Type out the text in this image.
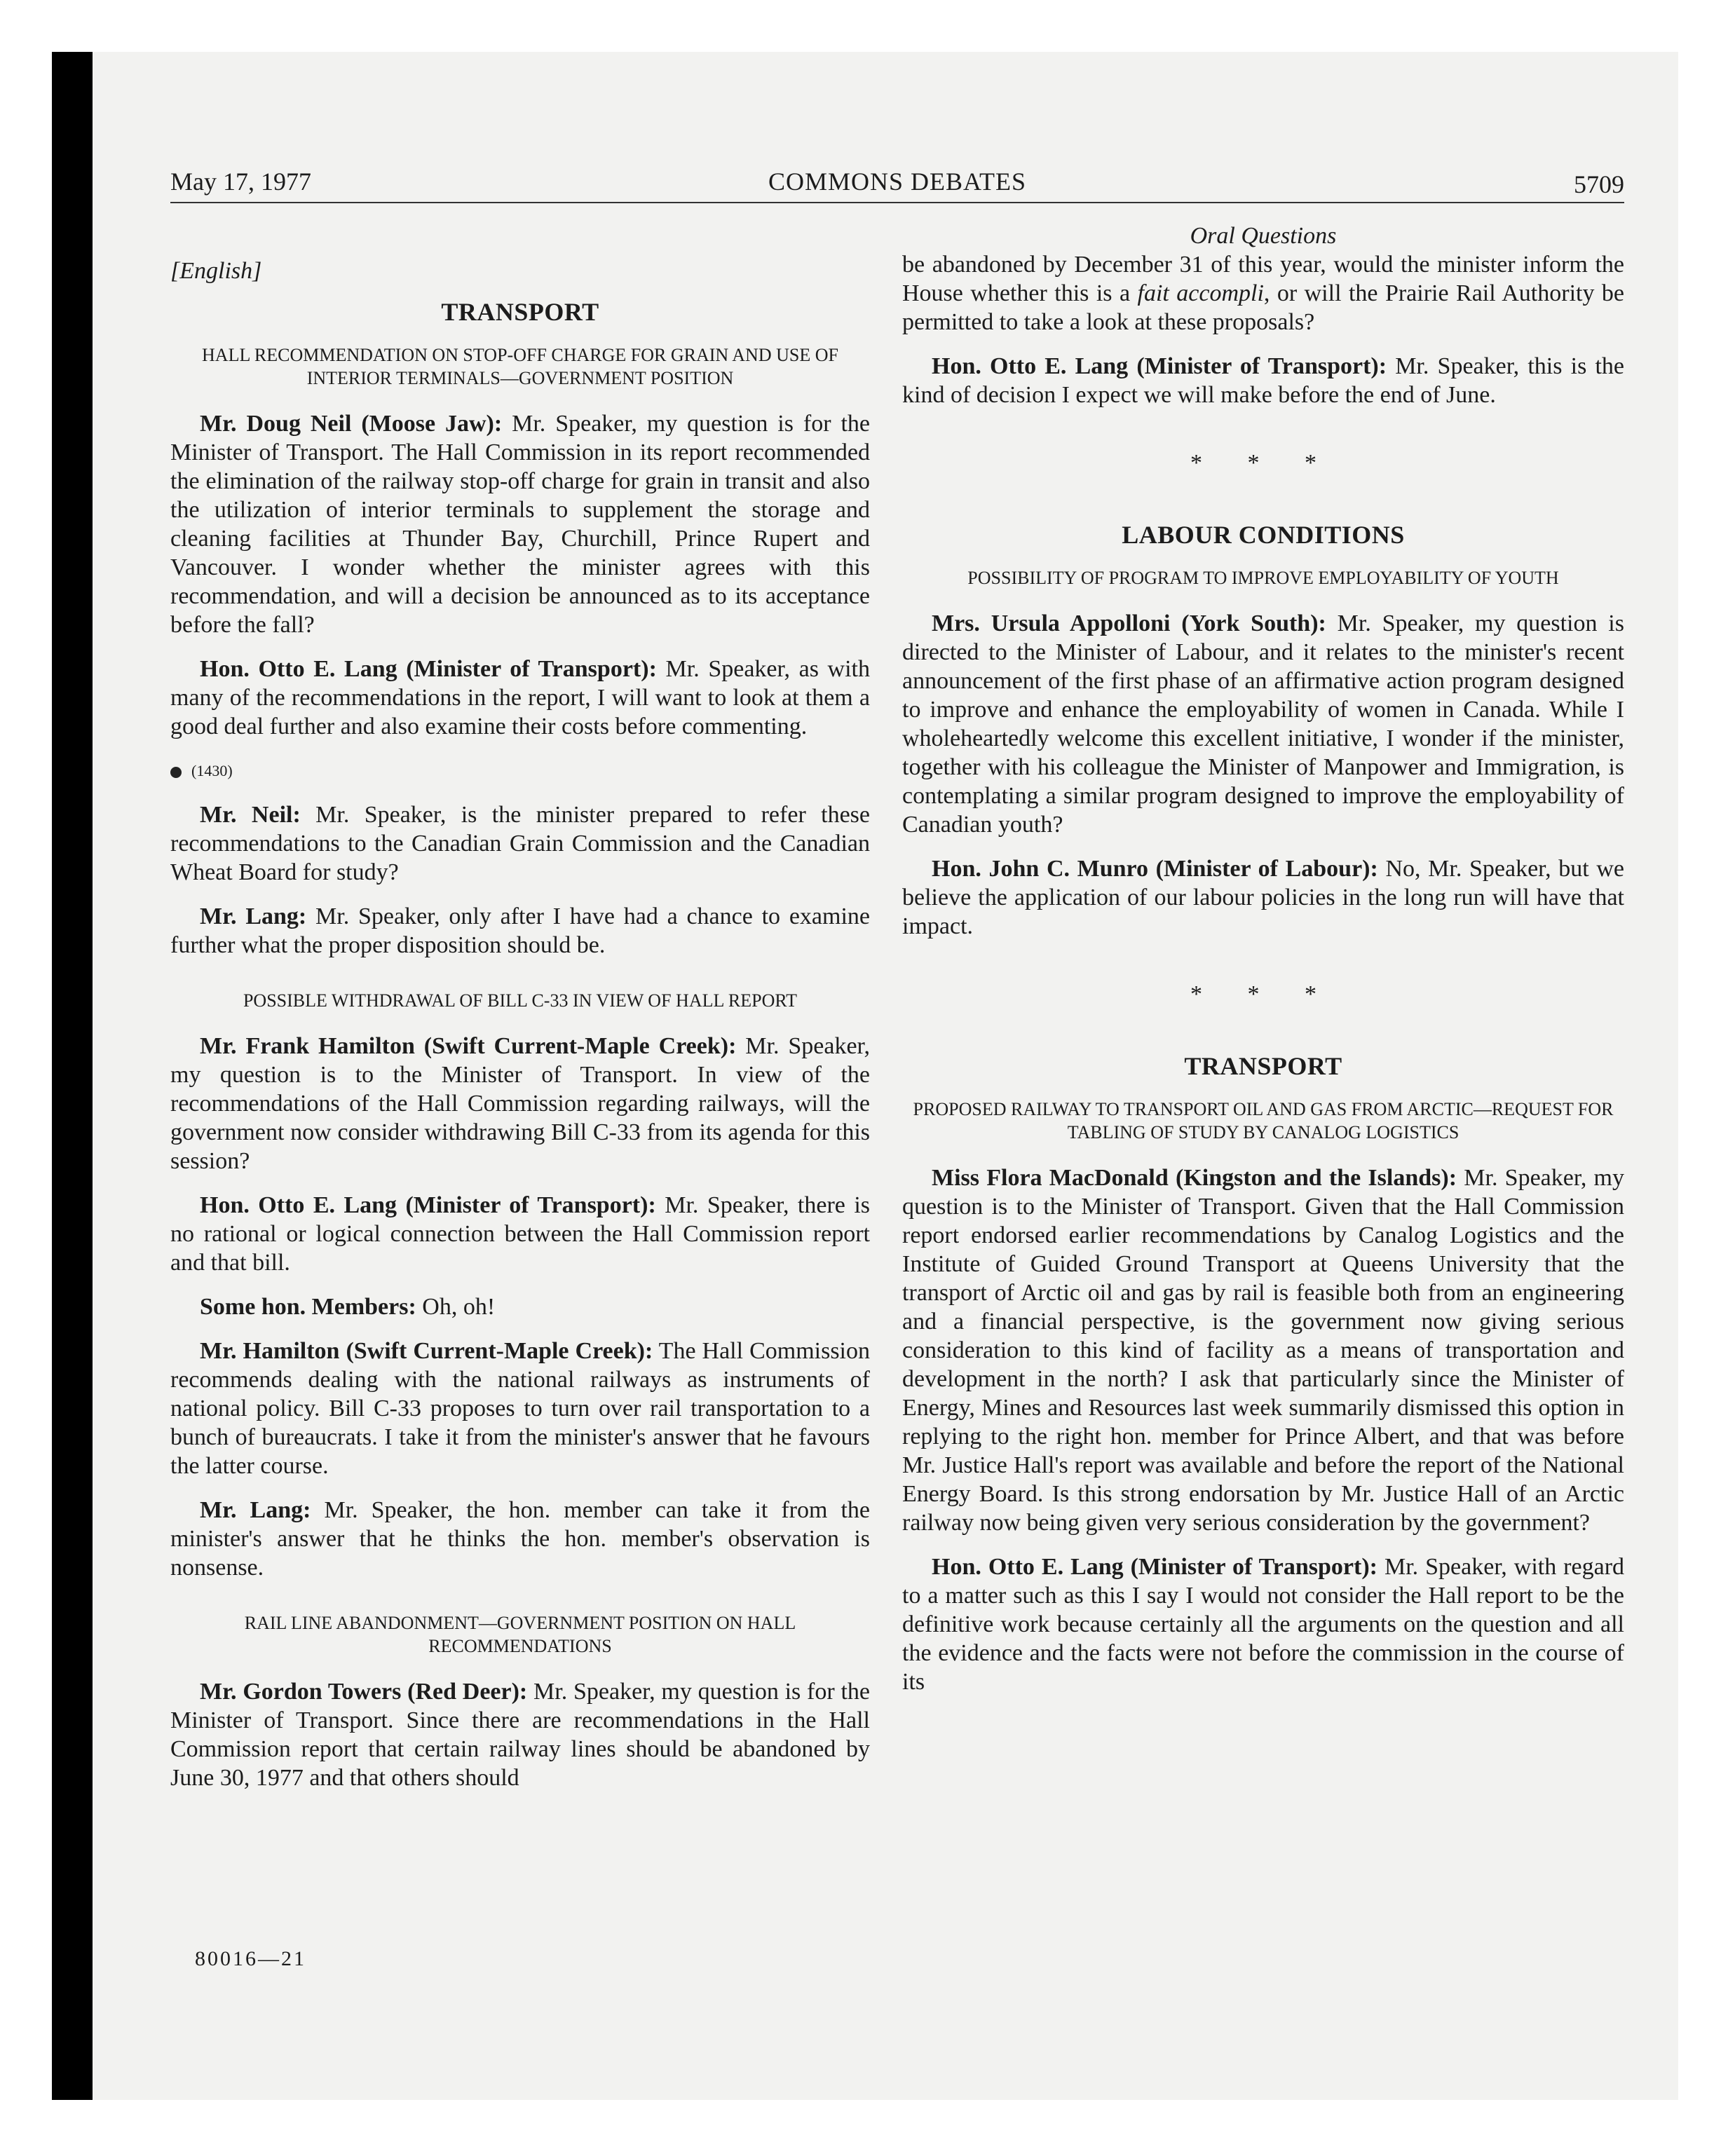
May 17, 1977	COMMONS DEBATES	5709

[English]

TRANSPORT
HALL RECOMMENDATION ON STOP-OFF CHARGE FOR GRAIN AND USE OF INTERIOR TERMINALS—GOVERNMENT POSITION

Mr. Doug Neil (Moose Jaw): Mr. Speaker, my question is for the Minister of Transport. The Hall Commission in its report recommended the elimination of the railway stop-off charge for grain in transit and also the utilization of interior terminals to supplement the storage and cleaning facilities at Thunder Bay, Churchill, Prince Rupert and Vancouver. I wonder whether the minister agrees with this recommendation, and will a decision be announced as to its acceptance before the fall?

Hon. Otto E. Lang (Minister of Transport): Mr. Speaker, as with many of the recommendations in the report, I will want to look at them a good deal further and also examine their costs before commenting.

(1430)

Mr. Neil: Mr. Speaker, is the minister prepared to refer these recommendations to the Canadian Grain Commission and the Canadian Wheat Board for study?

Mr. Lang: Mr. Speaker, only after I have had a chance to examine further what the proper disposition should be.

POSSIBLE WITHDRAWAL OF BILL C-33 IN VIEW OF HALL REPORT

Mr. Frank Hamilton (Swift Current-Maple Creek): Mr. Speaker, my question is to the Minister of Transport. In view of the recommendations of the Hall Commission regarding railways, will the government now consider withdrawing Bill C-33 from its agenda for this session?

Hon. Otto E. Lang (Minister of Transport): Mr. Speaker, there is no rational or logical connection between the Hall Commission report and that bill.

Some hon. Members: Oh, oh!

Mr. Hamilton (Swift Current-Maple Creek): The Hall Commission recommends dealing with the national railways as instruments of national policy. Bill C-33 proposes to turn over rail transportation to a bunch of bureaucrats. I take it from the minister's answer that he favours the latter course.

Mr. Lang: Mr. Speaker, the hon. member can take it from the minister's answer that he thinks the hon. member's observation is nonsense.

RAIL LINE ABANDONMENT—GOVERNMENT POSITION ON HALL RECOMMENDATIONS

Mr. Gordon Towers (Red Deer): Mr. Speaker, my question is for the Minister of Transport. Since there are recommendations in the Hall Commission report that certain railway lines should be abandoned by June 30, 1977 and that others should

Oral Questions

be abandoned by December 31 of this year, would the minister inform the House whether this is a fait accompli, or will the Prairie Rail Authority be permitted to take a look at these proposals?

Hon. Otto E. Lang (Minister of Transport): Mr. Speaker, this is the kind of decision I expect we will make before the end of June.

* * *
LABOUR CONDITIONS
POSSIBILITY OF PROGRAM TO IMPROVE EMPLOYABILITY OF YOUTH

Mrs. Ursula Appolloni (York South): Mr. Speaker, my question is directed to the Minister of Labour, and it relates to the minister's recent announcement of the first phase of an affirmative action program designed to improve and enhance the employability of women in Canada. While I wholeheartedly welcome this excellent initiative, I wonder if the minister, together with his colleague the Minister of Manpower and Immigration, is contemplating a similar program designed to improve the employability of Canadian youth?

Hon. John C. Munro (Minister of Labour): No, Mr. Speaker, but we believe the application of our labour policies in the long run will have that impact.

* * *
TRANSPORT
PROPOSED RAILWAY TO TRANSPORT OIL AND GAS FROM ARCTIC—REQUEST FOR TABLING OF STUDY BY CANALOG LOGISTICS

Miss Flora MacDonald (Kingston and the Islands): Mr. Speaker, my question is to the Minister of Transport. Given that the Hall Commission report endorsed earlier recommendations by Canalog Logistics and the Institute of Guided Ground Transport at Queens University that the transport of Arctic oil and gas by rail is feasible both from an engineering and a financial perspective, is the government now giving serious consideration to this kind of facility as a means of transportation and development in the north? I ask that particularly since the Minister of Energy, Mines and Resources last week summarily dismissed this option in replying to the right hon. member for Prince Albert, and that was before Mr. Justice Hall's report was available and before the report of the National Energy Board. Is this strong endorsation by Mr. Justice Hall of an Arctic railway now being given very serious consideration by the government?

Hon. Otto E. Lang (Minister of Transport): Mr. Speaker, with regard to a matter such as this I say I would not consider the Hall report to be the definitive work because certainly all the arguments on the question and all the evidence and the facts were not before the commission in the course of its

80016—21
